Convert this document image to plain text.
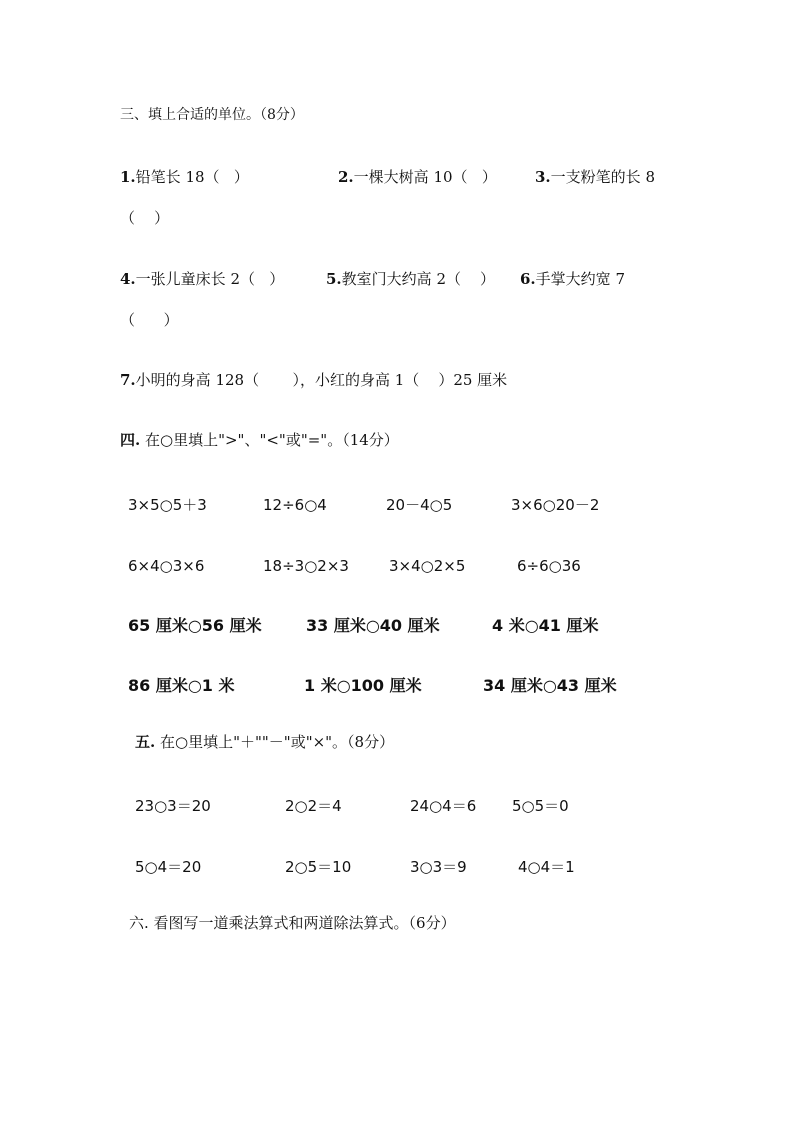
三、填上合适的单位。（8分）
1.铅笔长 18（   ）	2.一棵大树高 10（   ）	3.一支粉笔的长 8
（    ）
4.一张儿童床长 2（   ）	5.教室门大约高 2（    ） 6.手掌大约宽 7
（      ）
7.小明的身高 128（       ），小红的身高 1（    ）25 厘米
四. 在○里填上">"、"<"或"="。（14分）
3×5○5＋3	12÷6○4	20－4○5	3×6○20－2
6×4○3×6	18÷3○2×3	3×4○2×5	6÷6○36
65 厘米○56 厘米	33 厘米○40 厘米	4 米○41 厘米
86 厘米○1 米	1 米○100 厘米	34 厘米○43 厘米
五. 在○里填上"＋""－"或"×"。（8分）
23○3＝20	2○2＝4	24○4＝6 5○5＝0
5○4＝20	2○5＝10	3○3＝9	4○4＝1
六. 看图写一道乘法算式和两道除法算式。（6分）
